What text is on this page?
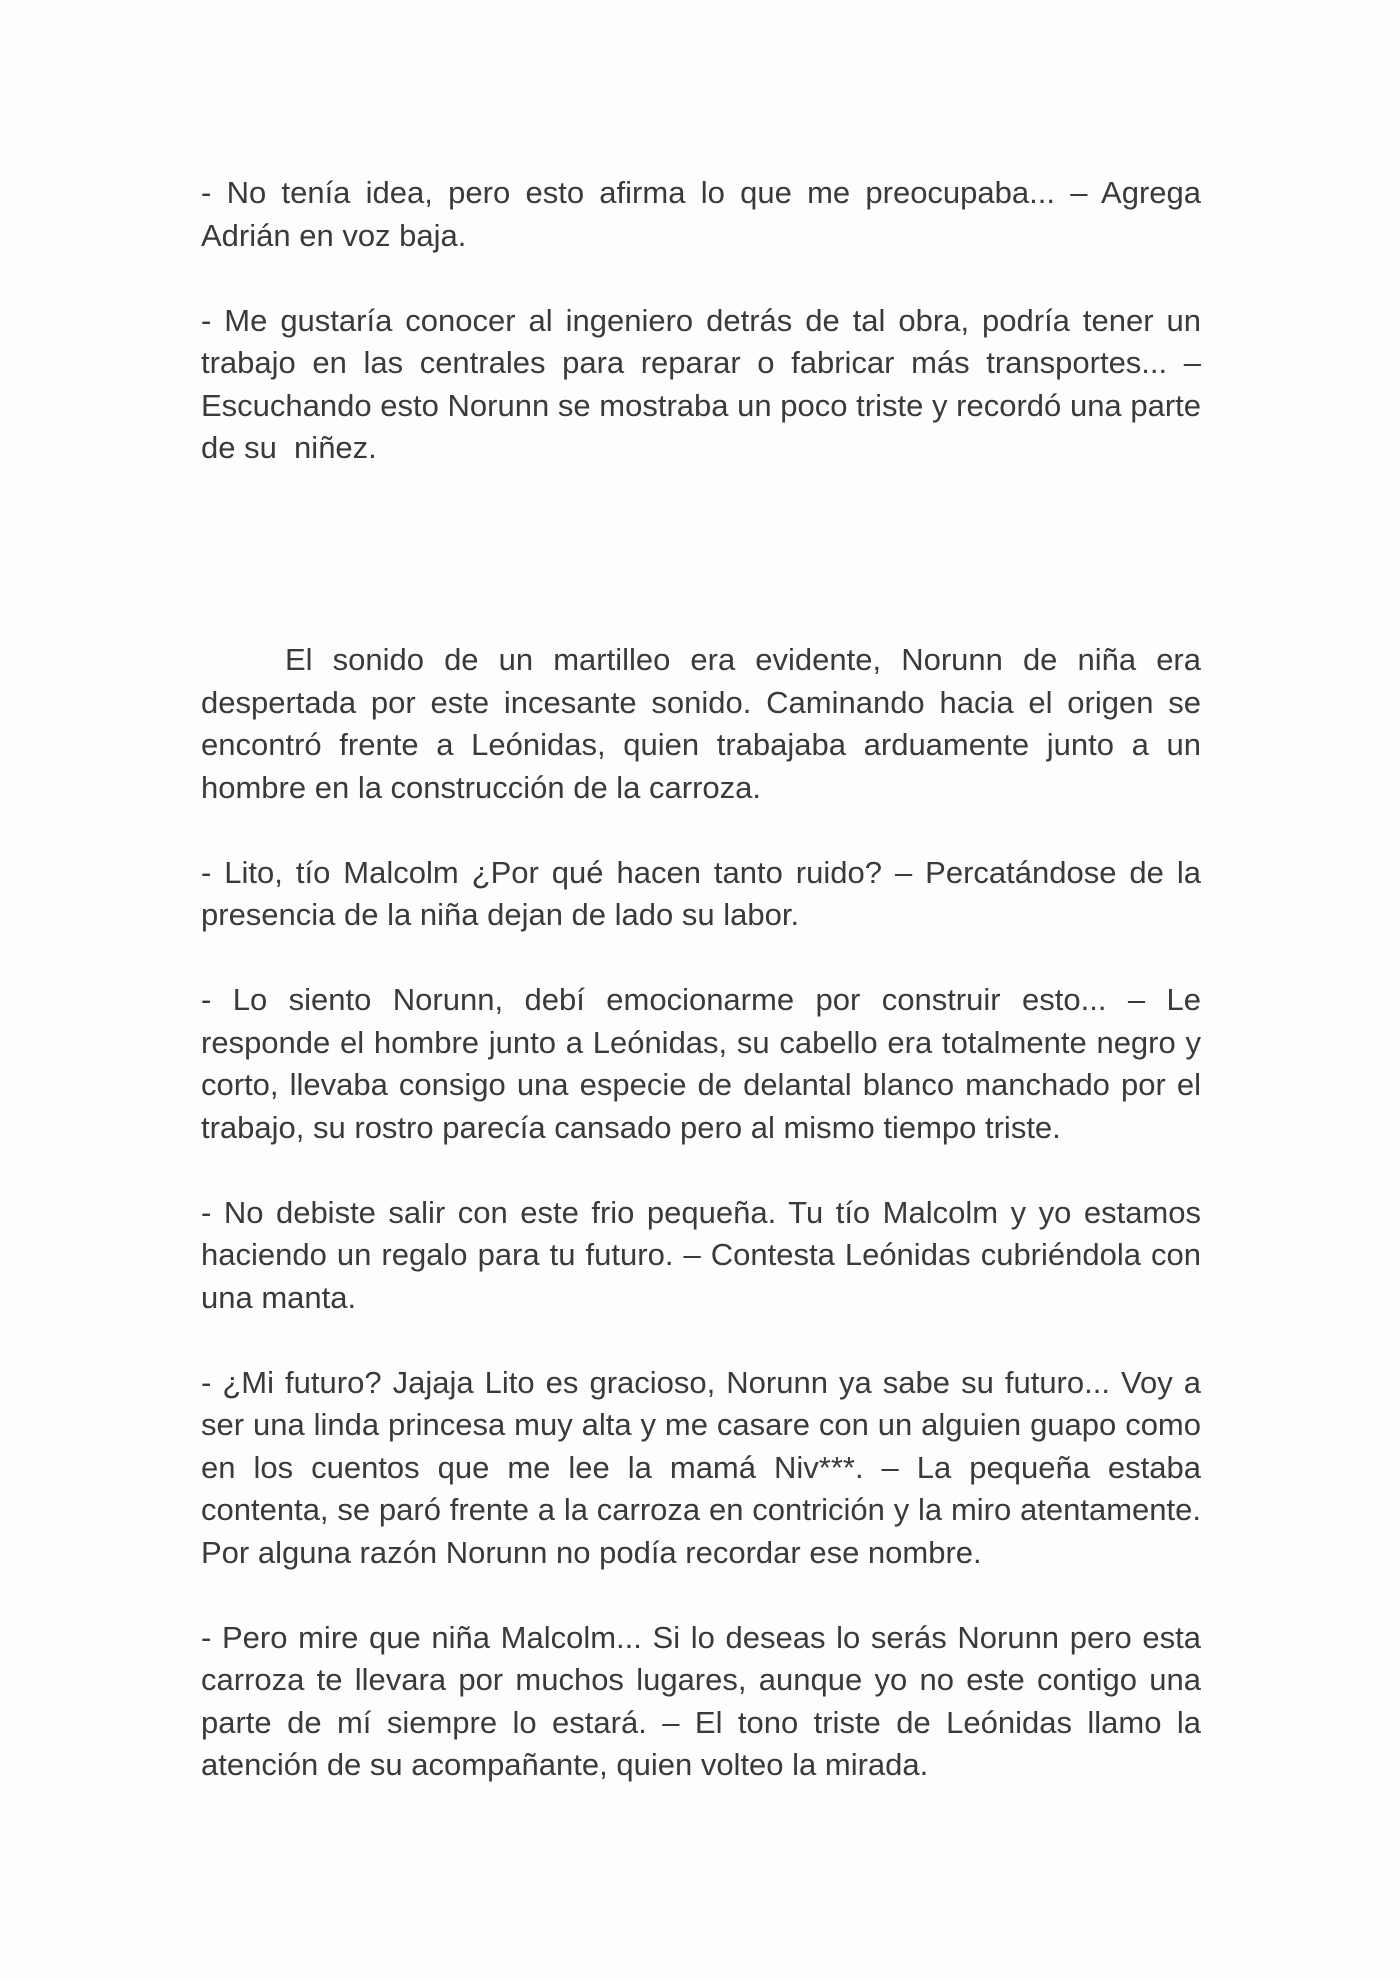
- No tenía idea, pero esto afirma lo que me preocupaba... – Agrega Adrián en voz baja.

- Me gustaría conocer al ingeniero detrás de tal obra, podría tener un trabajo en las centrales para reparar o fabricar más transportes... – Escuchando esto Norunn se mostraba un poco triste y recordó una parte de su  niñez.

El sonido de un martilleo era evidente, Norunn de niña era despertada por este incesante sonido. Caminando hacia el origen se encontró frente a Leónidas, quien trabajaba arduamente junto a un hombre en la construcción de la carroza.

- Lito, tío Malcolm ¿Por qué hacen tanto ruido? – Percatándose de la presencia de la niña dejan de lado su labor.

- Lo siento Norunn, debí emocionarme por construir esto... – Le responde el hombre junto a Leónidas, su cabello era totalmente negro y corto, llevaba consigo una especie de delantal blanco manchado por el trabajo, su rostro parecía cansado pero al mismo tiempo triste.

- No debiste salir con este frio pequeña. Tu tío Malcolm y yo estamos haciendo un regalo para tu futuro. – Contesta Leónidas cubriéndola con una manta.

- ¿Mi futuro? Jajaja Lito es gracioso, Norunn ya sabe su futuro... Voy a ser una linda princesa muy alta y me casare con un alguien guapo como en los cuentos que me lee la mamá Niv***. – La pequeña estaba contenta, se paró frente a la carroza en contrición y la miro atentamente. Por alguna razón Norunn no podía recordar ese nombre.

- Pero mire que niña Malcolm... Si lo deseas lo serás Norunn pero esta carroza te llevara por muchos lugares, aunque yo no este contigo una parte de mí siempre lo estará. – El tono triste de Leónidas llamo la atención de su acompañante, quien volteo la mirada.
